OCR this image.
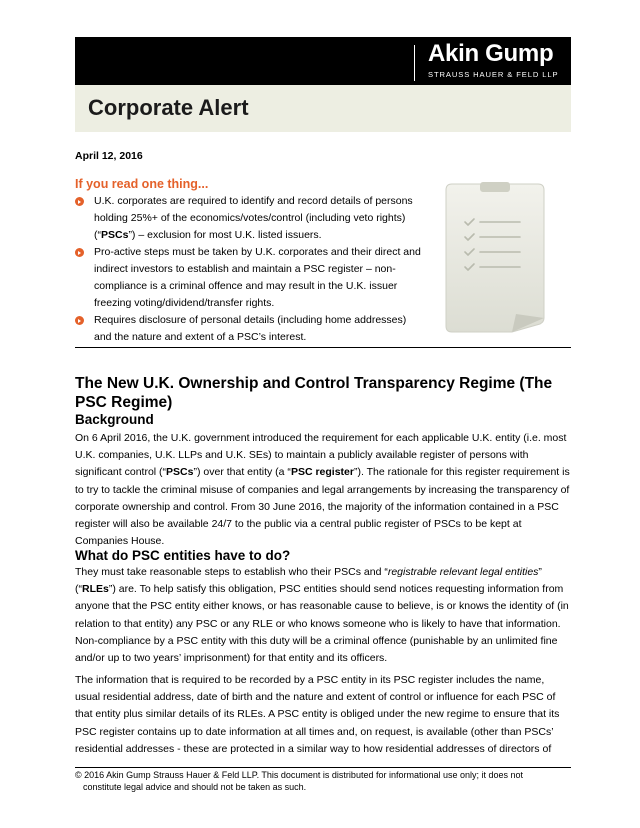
Akin Gump
STRAUSS HAUER & FELD LLP
Corporate Alert
April 12, 2016
If you read one thing...
U.K. corporates are required to identify and record details of persons holding 25%+ of the economics/votes/control (including veto rights) (“PSCs”) – exclusion for most U.K. listed issuers.
Pro-active steps must be taken by U.K. corporates and their direct and indirect investors to establish and maintain a PSC register – non-compliance is a criminal offence and may result in the U.K. issuer freezing voting/dividend/transfer rights.
Requires disclosure of personal details (including home addresses) and the nature and extent of a PSC’s interest.
The New U.K. Ownership and Control Transparency Regime (The PSC Regime)
Background

On 6 April 2016, the U.K. government introduced the requirement for each applicable U.K. entity (i.e. most U.K. companies, U.K. LLPs and U.K. SEs) to maintain a publicly available register of persons with significant control (“PSCs”) over that entity (a “PSC register”). The rationale for this register requirement is to try to tackle the criminal misuse of companies and legal arrangements by increasing the transparency of corporate ownership and control. From 30 June 2016, the majority of the information contained in a PSC register will also be available 24/7 to the public via a central public register of PSCs to be kept at Companies House.

What do PSC entities have to do?

They must take reasonable steps to establish who their PSCs and “registrable relevant legal entities” (“RLEs”) are. To help satisfy this obligation, PSC entities should send notices requesting information from anyone that the PSC entity either knows, or has reasonable cause to believe, is or knows the identity of (in relation to that entity) any PSC or any RLE or who knows someone who is likely to have that information. Non-compliance by a PSC entity with this duty will be a criminal offence (punishable by an unlimited fine and/or up to two years’ imprisonment) for that entity and its officers.

The information that is required to be recorded by a PSC entity in its PSC register includes the name, usual residential address, date of birth and the nature and extent of control or influence for each PSC of that entity plus similar details of its RLEs. A PSC entity is obliged under the new regime to ensure that its PSC register contains up to date information at all times and, on request, is available (other than PSCs’ residential addresses - these are protected in a similar way to how residential addresses of directors of

© 2016 Akin Gump Strauss Hauer & Feld LLP. This document is distributed for informational use only; it does not
constitute legal advice and should not be taken as such.
